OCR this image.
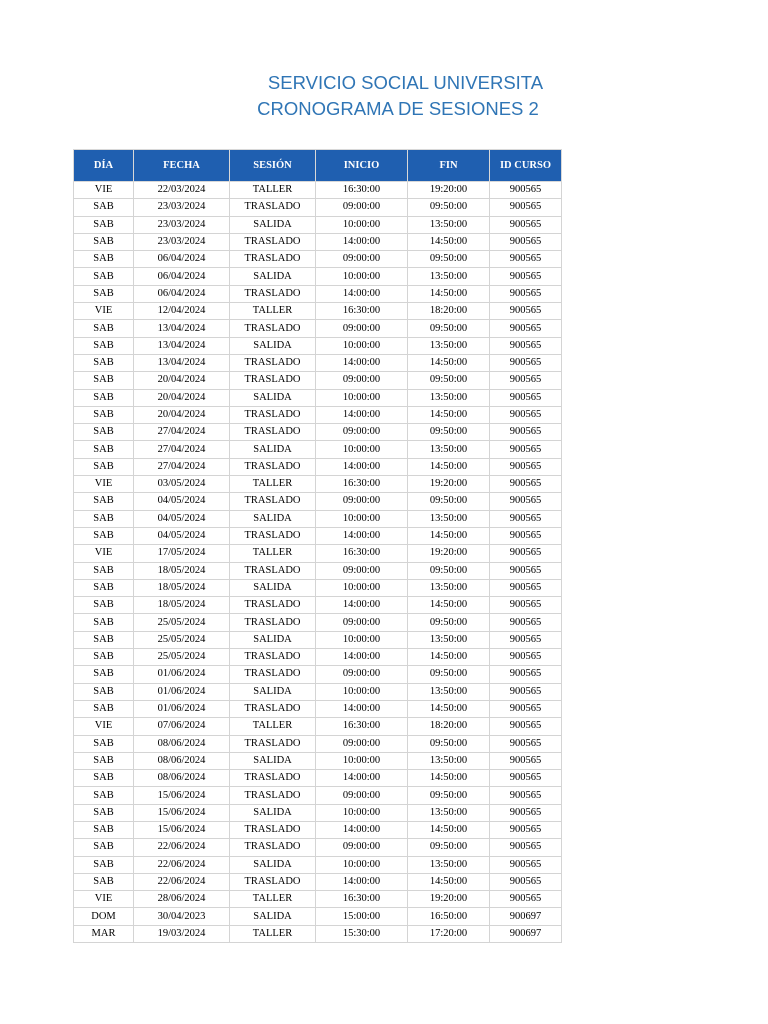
SERVICIO SOCIAL UNIVERSITA
CRONOGRAMA DE SESIONES 2
DÍA	FECHA	SESIÓN	INICIO	FIN	ID CURSO
VIE	22/03/2024	TALLER	16:30:00	19:20:00	900565
SAB	23/03/2024	TRASLADO	09:00:00	09:50:00	900565
SAB	23/03/2024	SALIDA	10:00:00	13:50:00	900565
SAB	23/03/2024	TRASLADO	14:00:00	14:50:00	900565
SAB	06/04/2024	TRASLADO	09:00:00	09:50:00	900565
SAB	06/04/2024	SALIDA	10:00:00	13:50:00	900565
SAB	06/04/2024	TRASLADO	14:00:00	14:50:00	900565
VIE	12/04/2024	TALLER	16:30:00	18:20:00	900565
SAB	13/04/2024	TRASLADO	09:00:00	09:50:00	900565
SAB	13/04/2024	SALIDA	10:00:00	13:50:00	900565
SAB	13/04/2024	TRASLADO	14:00:00	14:50:00	900565
SAB	20/04/2024	TRASLADO	09:00:00	09:50:00	900565
SAB	20/04/2024	SALIDA	10:00:00	13:50:00	900565
SAB	20/04/2024	TRASLADO	14:00:00	14:50:00	900565
SAB	27/04/2024	TRASLADO	09:00:00	09:50:00	900565
SAB	27/04/2024	SALIDA	10:00:00	13:50:00	900565
SAB	27/04/2024	TRASLADO	14:00:00	14:50:00	900565
VIE	03/05/2024	TALLER	16:30:00	19:20:00	900565
SAB	04/05/2024	TRASLADO	09:00:00	09:50:00	900565
SAB	04/05/2024	SALIDA	10:00:00	13:50:00	900565
SAB	04/05/2024	TRASLADO	14:00:00	14:50:00	900565
VIE	17/05/2024	TALLER	16:30:00	19:20:00	900565
SAB	18/05/2024	TRASLADO	09:00:00	09:50:00	900565
SAB	18/05/2024	SALIDA	10:00:00	13:50:00	900565
SAB	18/05/2024	TRASLADO	14:00:00	14:50:00	900565
SAB	25/05/2024	TRASLADO	09:00:00	09:50:00	900565
SAB	25/05/2024	SALIDA	10:00:00	13:50:00	900565
SAB	25/05/2024	TRASLADO	14:00:00	14:50:00	900565
SAB	01/06/2024	TRASLADO	09:00:00	09:50:00	900565
SAB	01/06/2024	SALIDA	10:00:00	13:50:00	900565
SAB	01/06/2024	TRASLADO	14:00:00	14:50:00	900565
VIE	07/06/2024	TALLER	16:30:00	18:20:00	900565
SAB	08/06/2024	TRASLADO	09:00:00	09:50:00	900565
SAB	08/06/2024	SALIDA	10:00:00	13:50:00	900565
SAB	08/06/2024	TRASLADO	14:00:00	14:50:00	900565
SAB	15/06/2024	TRASLADO	09:00:00	09:50:00	900565
SAB	15/06/2024	SALIDA	10:00:00	13:50:00	900565
SAB	15/06/2024	TRASLADO	14:00:00	14:50:00	900565
SAB	22/06/2024	TRASLADO	09:00:00	09:50:00	900565
SAB	22/06/2024	SALIDA	10:00:00	13:50:00	900565
SAB	22/06/2024	TRASLADO	14:00:00	14:50:00	900565
VIE	28/06/2024	TALLER	16:30:00	19:20:00	900565
DOM	30/04/2023	SALIDA	15:00:00	16:50:00	900697
MAR	19/03/2024	TALLER	15:30:00	17:20:00	900697
